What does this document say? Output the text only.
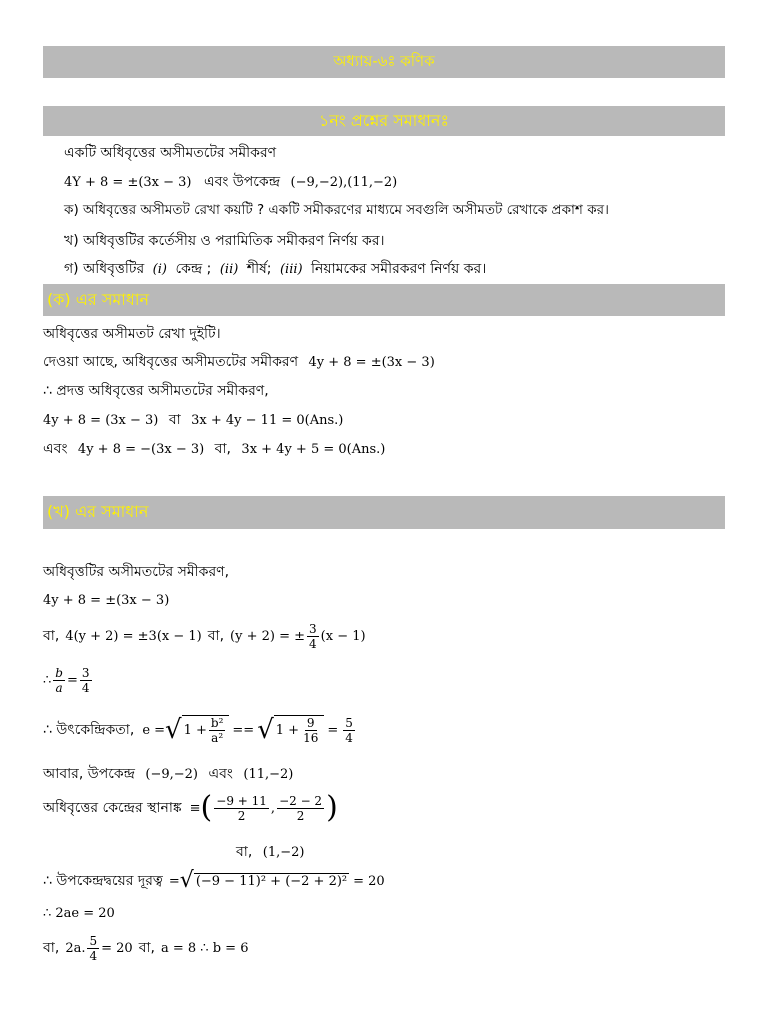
অধ্যায়-৬ঃ কণিক
১নং প্রশ্নের সমাধানঃ
একটি অধিবৃত্তের অসীমতটের সমীকরণ
4Y + 8 = ±(3x − 3) এবং উপকেন্দ্র (−9,−2),(11,−2)
ক) অধিবৃত্তের অসীমতট রেখা কয়টি ? একটি সমীকরণের মাধ্যমে সবগুলি অসীমতট রেখাকে প্রকাশ কর।
খ) অধিবৃত্তটির কর্তেসীয় ও পরামিতিক সমীকরণ নির্ণয় কর।
গ) অধিবৃত্তটির (i) কেন্দ্র ; (ii) শীর্ষ; (iii) নিয়ামকের সমীরকরণ নির্ণয় কর।
(ক) এর সমাধান
অধিবৃত্তের অসীমতট রেখা দুইটি।
দেওয়া আছে, অধিবৃত্তের অসীমতটের সমীকরণ 4y + 8 = ±(3x − 3)
∴ প্রদত্ত অধিবৃত্তের অসীমতটের সমীকরণ,
4y + 8 = (3x − 3) বা 3x + 4y − 11 = 0(Ans.)
এবং 4y + 8 = −(3x − 3) বা, 3x + 4y + 5 = 0(Ans.)
(খ) এর সমাধান
অধিবৃত্তটির অসীমতটের সমীকরণ,
4y + 8 = ±(3x − 3)
বা, 4(y + 2) = ±3(x − 1) বা, (y + 2) = ± $\frac{3}{4} (x - 1)$
∴ $\frac{b}{a} = \frac{3}{4}$
∴ উৎকেন্দ্রিকতা, e = √ $1 + \frac{\text{b²}}{\text{a²}}$ == √ $1 + \frac{9}{16} = \frac{5}{4}$
আবার, উপকেন্দ্র (−9,−2) এবং (11,−2)
অধিবৃত্তের কেন্দ্রের স্থানাঙ্ক ≡ ( $\frac{-9 + 11}{2}$ , $\frac{-2 - 2}{2}$ )
বা, (1,−2)
∴ উপকেন্দ্রদ্বয়ের দূরত্ব = √ (−9 − 11)² + (−2 + 2)² = 20
∴ 2ae = 20
বা, 2a. $\frac{5}{4} = 20$ বা, a = 8 ∴ b = 6
